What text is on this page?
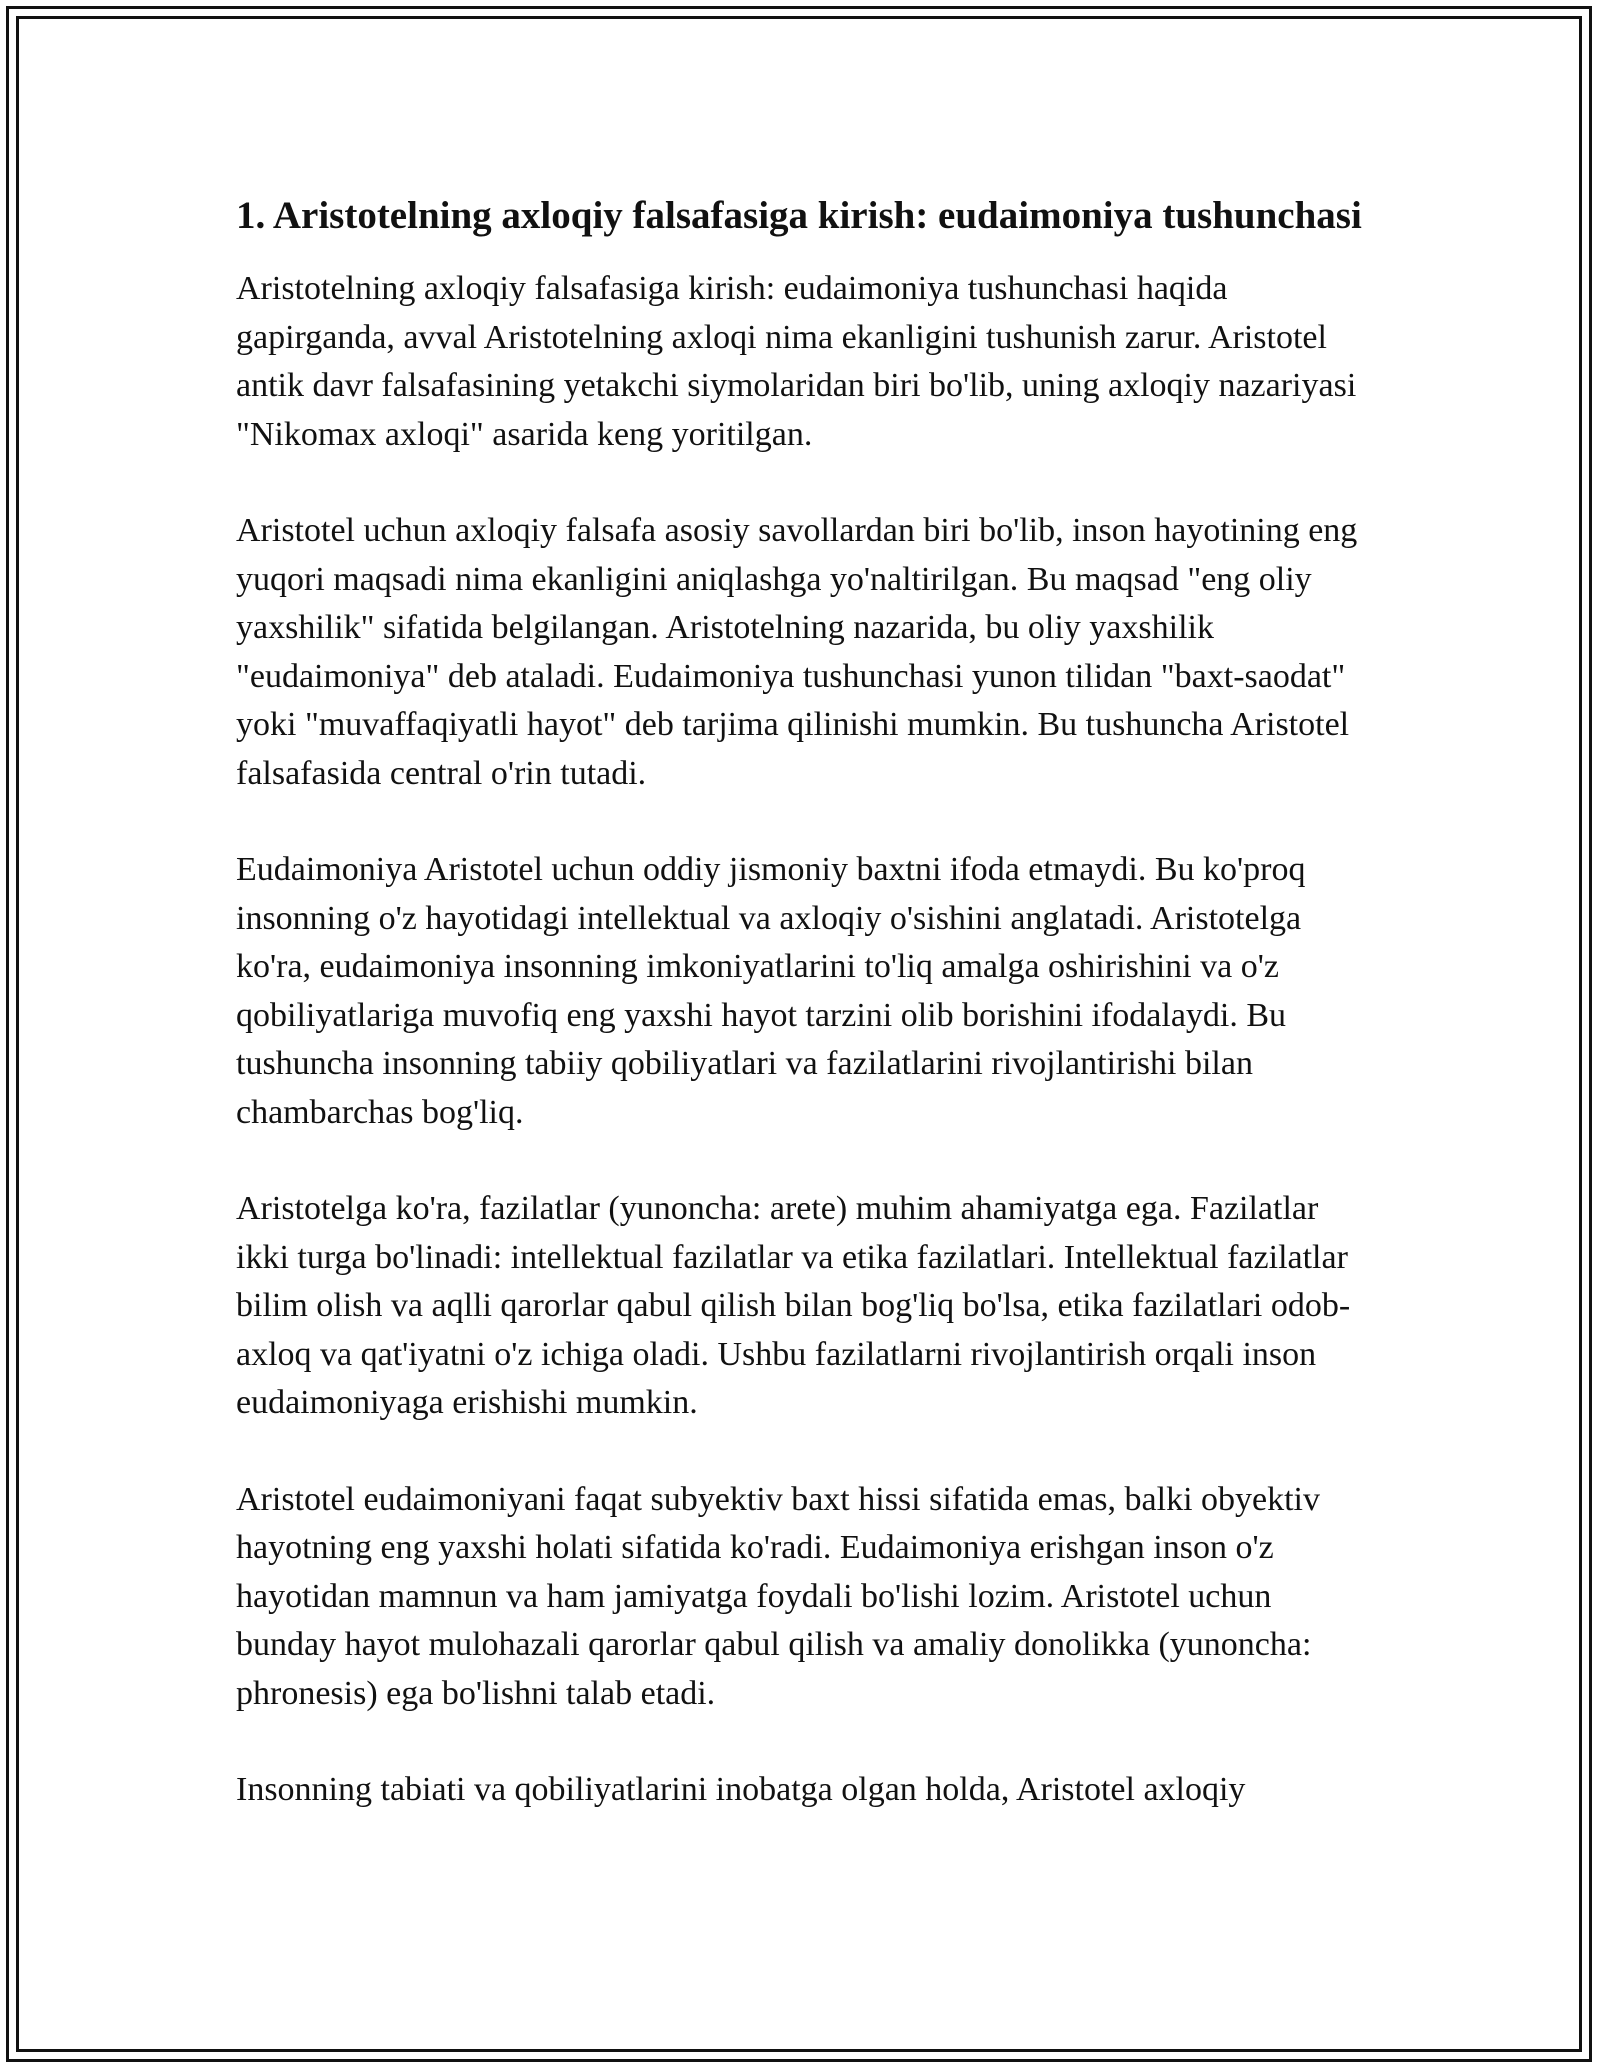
1. Aristotelning axloqiy falsafasiga kirish: eudaimoniya tushunchasi

Aristotelning axloqiy falsafasiga kirish: eudaimoniya tushunchasi haqida gapirganda, avval Aristotelning axloqi nima ekanligini tushunish zarur. Aristotel antik davr falsafasining yetakchi siymolaridan biri bo'lib, uning axloqiy nazariyasi "Nikomax axloqi" asarida keng yoritilgan.

Aristotel uchun axloqiy falsafa asosiy savollardan biri bo'lib, inson hayotining eng yuqori maqsadi nima ekanligini aniqlashga yo'naltirilgan. Bu maqsad "eng oliy yaxshilik" sifatida belgilangan. Aristotelning nazarida, bu oliy yaxshilik "eudaimoniya" deb ataladi. Eudaimoniya tushunchasi yunon tilidan "baxt-saodat" yoki "muvaffaqiyatli hayot" deb tarjima qilinishi mumkin. Bu tushuncha Aristotel falsafasida central o'rin tutadi.

Eudaimoniya Aristotel uchun oddiy jismoniy baxtni ifoda etmaydi. Bu ko'proq insonning o'z hayotidagi intellektual va axloqiy o'sishini anglatadi. Aristotelga ko'ra, eudaimoniya insonning imkoniyatlarini to'liq amalga oshirishini va o'z qobiliyatlariga muvofiq eng yaxshi hayot tarzini olib borishini ifodalaydi. Bu tushuncha insonning tabiiy qobiliyatlari va fazilatlarini rivojlantirishi bilan chambarchas bog'liq.

Aristotelga ko'ra, fazilatlar (yunoncha: arete) muhim ahamiyatga ega. Fazilatlar ikki turga bo'linadi: intellektual fazilatlar va etika fazilatlari. Intellektual fazilatlar bilim olish va aqlli qarorlar qabul qilish bilan bog'liq bo'lsa, etika fazilatlari odob-axloq va qat'iyatni o'z ichiga oladi. Ushbu fazilatlarni rivojlantirish orqali inson eudaimoniyaga erishishi mumkin.

Aristotel eudaimoniyani faqat subyektiv baxt hissi sifatida emas, balki obyektiv hayotning eng yaxshi holati sifatida ko'radi. Eudaimoniya erishgan inson o'z hayotidan mamnun va ham jamiyatga foydali bo'lishi lozim. Aristotel uchun bunday hayot mulohazali qarorlar qabul qilish va amaliy donolikka (yunoncha: phronesis) ega bo'lishni talab etadi.

Insonning tabiati va qobiliyatlarini inobatga olgan holda, Aristotel axloqiy
